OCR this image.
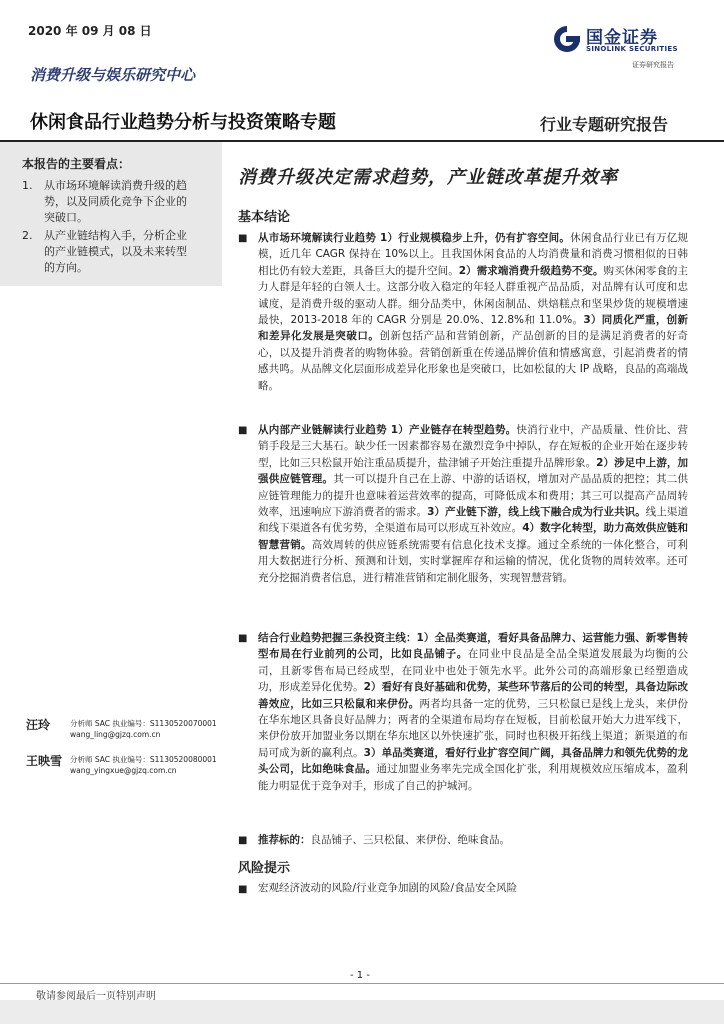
2020 年 09 月 08 日	国金证券
SINOLINK SECURITIES
证券研究报告
消费升级与娱乐研究中心
休闲食品行业趋势分析与投资策略专题	行业专题研究报告
本报告的主要看点：
1. 从市场环境解读消费升级的趋势，以及同质化竞争下企业的突破口。
2. 从产业链结构入手，分析企业的产业链模式，以及未来转型的方向。
消费升级决定需求趋势，产业链改革提升效率
基本结论
■ 从市场环境解读行业趋势 1）行业规模稳步上升，仍有扩容空间。休闲食品行业已有万亿规模，近几年 CAGR 保持在 10%以上。且我国休闲食品的人均消费量和消费习惯相似的日韩相比仍有较大差距，具备巨大的提升空间。2）需求端消费升级趋势不变。购买休闲零食的主力人群是年轻的白领人士。这部分收入稳定的年轻人群重视产品品质，对品牌有认可度和忠诚度，是消费升级的驱动人群。细分品类中，休闲卤制品、烘焙糕点和坚果炒货的规模增速最快，2013-2018 年的 CAGR 分别是 20.0%、12.8%和 11.0%。3）同质化严重，创新和差异化发展是突破口。创新包括产品和营销创新，产品创新的目的是满足消费者的好奇心，以及提升消费者的购物体验。营销创新重在传递品牌价值和情感寓意，引起消费者的情感共鸣。从品牌文化层面形成差异化形象也是突破口，比如松鼠的大 IP 战略，良品的高端战略。
■ 从内部产业链解读行业趋势 1）产业链存在转型趋势。快消行业中，产品质量、性价比、营销手段是三大基石。缺少任一因素都容易在激烈竞争中掉队，存在短板的企业开始在逐步转型，比如三只松鼠开始注重品质提升，盐津铺子开始注重提升品牌形象。2）涉足中上游，加强供应链管理。其一可以提升自己在上游、中游的话语权，增加对产品品质的把控；其二供应链管理能力的提升也意味着运营效率的提高，可降低成本和费用；其三可以提高产品周转效率，迅速响应下游消费者的需求。3）产业链下游，线上线下融合成为行业共识。线上渠道和线下渠道各有优劣势，全渠道布局可以形成互补效应。4）数字化转型，助力高效供应链和智慧营销。高效周转的供应链系统需要有信息化技术支撑。通过全系统的一体化整合，可利用大数据进行分析、预测和计划，实时掌握库存和运输的情况，优化货物的周转效率。还可充分挖掘消费者信息，进行精准营销和定制化服务，实现智慧营销。
■ 结合行业趋势把握三条投资主线：1）全品类赛道，看好具备品牌力、运营能力强、新零售转型布局在行业前列的公司，比如良品铺子。在同业中良品是全品全渠道发展最为均衡的公司，且新零售布局已经成型，在同业中也处于领先水平。此外公司的高端形象已经塑造成功，形成差异化优势。2）看好有良好基础和优势，某些环节落后的公司的转型，具备边际改善效应，比如三只松鼠和来伊份。两者均具备一定的优势，三只松鼠已是线上龙头，来伊份在华东地区具备良好品牌力；两者的全渠道布局均存在短板，目前松鼠开始大力进军线下，来伊份放开加盟业务以期在华东地区以外快速扩张，同时也积极开拓线上渠道；新渠道的布局可成为新的赢利点。3）单品类赛道，看好行业扩容空间广阔，具备品牌力和领先优势的龙头公司，比如绝味食品。通过加盟业务率先完成全国化扩张，利用规模效应压缩成本，盈利能力明显优于竞争对手，形成了自己的护城河。
■ 推荐标的：良品铺子、三只松鼠、来伊份、绝味食品。
风险提示
■ 宏观经济波动的风险/行业竞争加剧的风险/食品安全风险
汪玲	分析师 SAC 执业编号：S1130520070001
wang_ling@gjzq.com.cn
王映雪 分析师 SAC 执业编号：S1130520080001
wang_yingxue@gjzq.com.cn
- 1 -
敬请参阅最后一页特别声明
